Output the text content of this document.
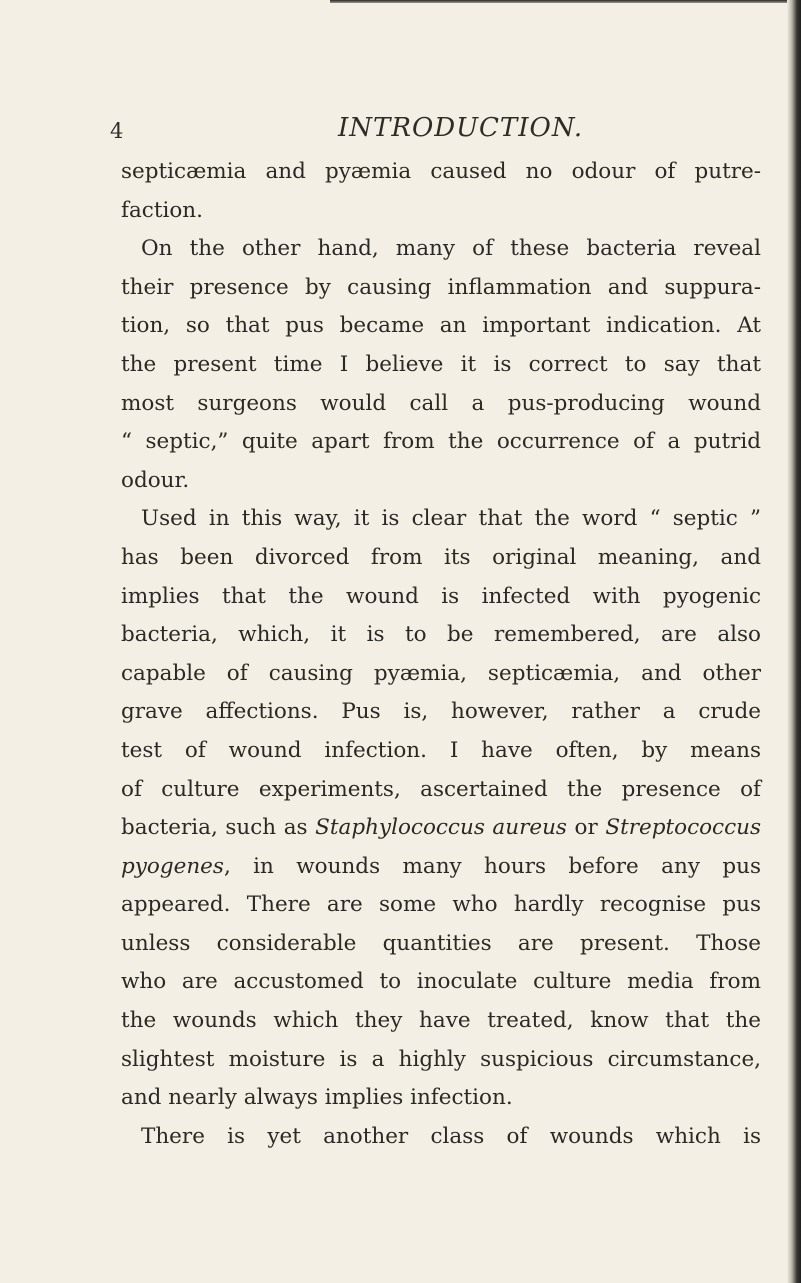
4	INTRODUCTION.
septicæmia and pyæmia caused no odour of putre-
faction.
On the other hand, many of these bacteria reveal
their presence by causing inflammation and suppura-
tion, so that pus became an important indication. At
the present time I believe it is correct to say that
most surgeons would call a pus-producing wound
“ septic,” quite apart from the occurrence of a putrid
odour.
Used in this way, it is clear that the word “ septic ”
has been divorced from its original meaning, and
implies that the wound is infected with pyogenic
bacteria, which, it is to be remembered, are also
capable of causing pyæmia, septicæmia, and other
grave affections. Pus is, however, rather a crude
test of wound infection. I have often, by means
of culture experiments, ascertained the presence of
bacteria, such as Staphylococcus aureus or Streptococcus
pyogenes, in wounds many hours before any pus
appeared. There are some who hardly recognise pus
unless considerable quantities are present. Those
who are accustomed to inoculate culture media from
the wounds which they have treated, know that the
slightest moisture is a highly suspicious circumstance,
and nearly always implies infection.
There is yet another class of wounds which is
